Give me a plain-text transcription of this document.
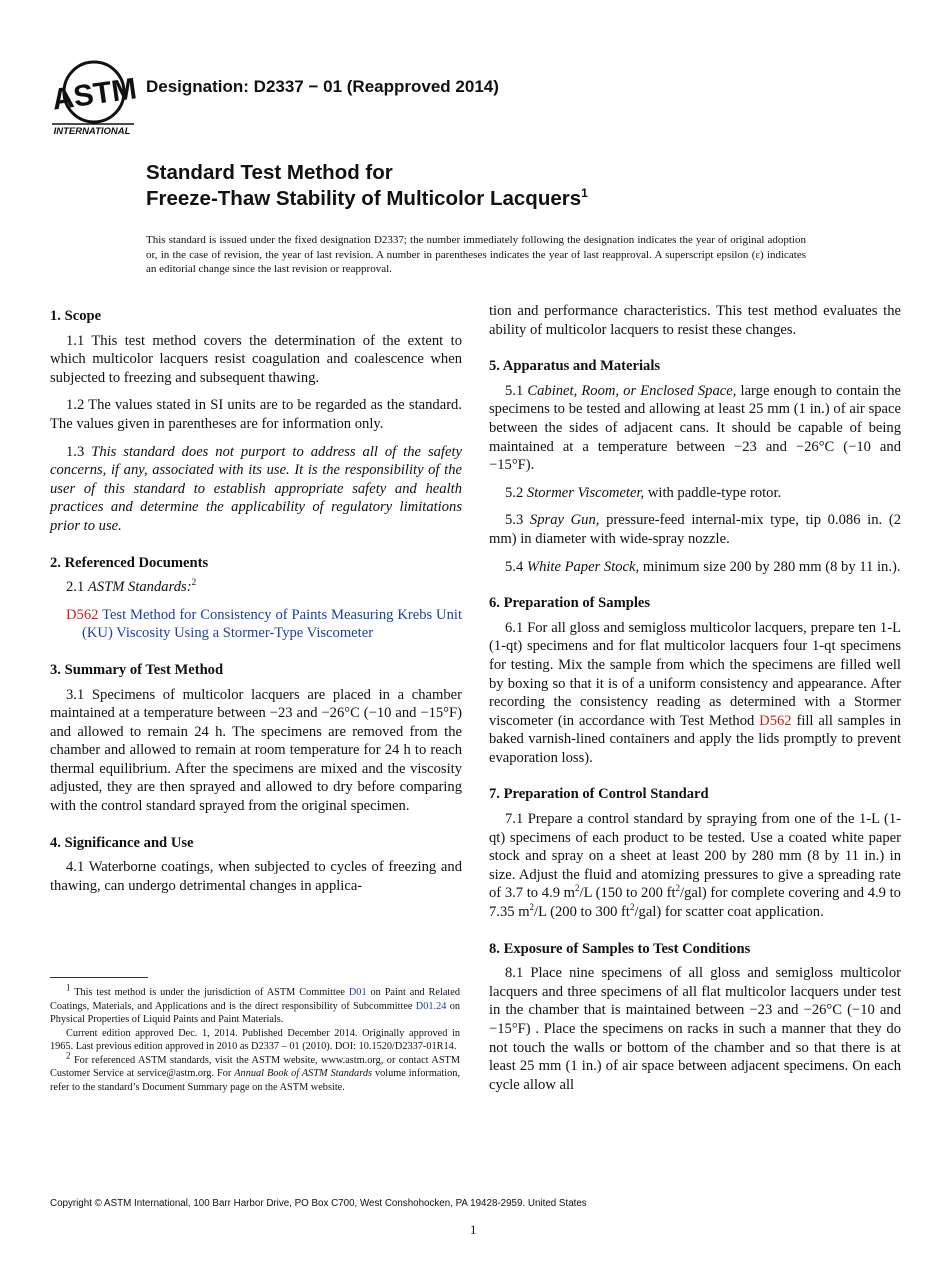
ASTM
INTERNATIONAL
Designation: D2337 − 01 (Reapproved 2014)
Standard Test Method for
Freeze-Thaw Stability of Multicolor Lacquers$^1$
This standard is issued under the fixed designation D2337; the number immediately following the designation indicates the year of original adoption or, in the case of revision, the year of last revision. A number in parentheses indicates the year of last reapproval. A superscript epsilon (ε) indicates an editorial change since the last revision or reapproval.
1. Scope

1.1 This test method covers the determination of the extent to which multicolor lacquers resist coagulation and coalescence when subjected to freezing and subsequent thawing.

1.2 The values stated in SI units are to be regarded as the standard. The values given in parentheses are for information only.

1.3 This standard does not purport to address all of the safety concerns, if any, associated with its use. It is the responsibility of the user of this standard to establish appropriate safety and health practices and determine the applicability of regulatory limitations prior to use.

2. Referenced Documents

2.1 ASTM Standards:$^2$

D562 Test Method for Consistency of Paints Measuring Krebs Unit (KU) Viscosity Using a Stormer-Type Viscometer

3. Summary of Test Method

3.1 Specimens of multicolor lacquers are placed in a chamber maintained at a temperature between −23 and −26°C (−10 and −15°F) and allowed to remain 24 h. The specimens are removed from the chamber and allowed to remain at room temperature for 24 h to reach thermal equilibrium. After the specimens are mixed and the viscosity adjusted, they are then sprayed and allowed to dry before comparing with the control standard sprayed from the original specimen.

4. Significance and Use

4.1 Waterborne coatings, when subjected to cycles of freezing and thawing, can undergo detrimental changes in applica-

tion and performance characteristics. This test method evaluates the ability of multicolor lacquers to resist these changes.

5. Apparatus and Materials

5.1 Cabinet, Room, or Enclosed Space, large enough to contain the specimens to be tested and allowing at least 25 mm (1 in.) of air space between the sides of adjacent cans. It should be capable of being maintained at a temperature between −23 and −26°C (−10 and −15°F).

5.2 Stormer Viscometer, with paddle-type rotor.

5.3 Spray Gun, pressure-feed internal-mix type, tip 0.086 in. (2 mm) in diameter with wide-spray nozzle.

5.4 White Paper Stock, minimum size 200 by 280 mm (8 by 11 in.).

6. Preparation of Samples

6.1 For all gloss and semigloss multicolor lacquers, prepare ten 1-L (1-qt) specimens and for flat multicolor lacquers four 1-qt specimens for testing. Mix the sample from which the specimens are filled well by boxing so that it is of a uniform consistency and appearance. After recording the consistency reading as determined with a Stormer viscometer (in accordance with Test Method D562 fill all samples in baked varnish-lined containers and apply the lids promptly to prevent evaporation loss).

7. Preparation of Control Standard

7.1 Prepare a control standard by spraying from one of the 1-L (1-qt) specimens of each product to be tested. Use a coated white paper stock and spray on a sheet at least 200 by 280 mm (8 by 11 in.) in size. Adjust the fluid and atomizing pressures to give a spreading rate of 3.7 to 4.9 $m^2/L$ (150 to 200 $ft^2/gal$) for complete covering and 4.9 to 7.35 $m^2/L$ (200 to 300 $ft^2/gal$) for scatter coat application.

8. Exposure of Samples to Test Conditions

8.1 Place nine specimens of all gloss and semigloss multicolor lacquers and three specimens of all flat multicolor lacquers under test in the chamber that is maintained between −23 and −26°C (−10 and −15°F) . Place the specimens on racks in such a manner that they do not touch the walls or bottom of the chamber and so that there is at least 25 mm (1 in.) of air space between adjacent specimens. On each cycle allow all

$^1$ This test method is under the jurisdiction of ASTM Committee D01 on Paint and Related Coatings, Materials, and Applications and is the direct responsibility of Subcommittee D01.24 on Physical Properties of Liquid Paints and Paint Materials.

Current edition approved Dec. 1, 2014. Published December 2014. Originally approved in 1965. Last previous edition approved in 2010 as D2337 – 01 (2010). DOI: 10.1520/D2337-01R14.

$^2$ For referenced ASTM standards, visit the ASTM website, www.astm.org, or contact ASTM Customer Service at service@astm.org. For Annual Book of ASTM Standards volume information, refer to the standard’s Document Summary page on the ASTM website.

Copyright © ASTM International, 100 Barr Harbor Drive, PO Box C700, West Conshohocken, PA 19428-2959. United States
1
